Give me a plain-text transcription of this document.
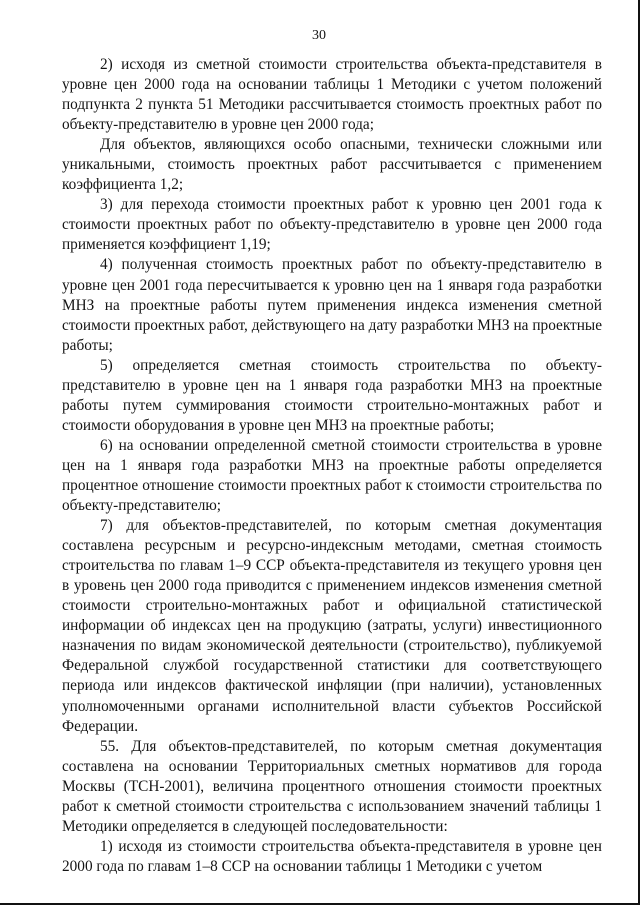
30

2) исходя из сметной стоимости строительства объекта-представителя в уровне цен 2000 года на основании таблицы 1 Методики с учетом положений подпункта 2 пункта 51 Методики рассчитывается стоимость проектных работ по объекту-представителю в уровне цен 2000 года;

Для объектов, являющихся особо опасными, технически сложными или уникальными, стоимость проектных работ рассчитывается с применением коэффициента 1,2;

3) для перехода стоимости проектных работ к уровню цен 2001 года к стоимости проектных работ по объекту-представителю в уровне цен 2000 года применяется коэффициент 1,19;

4) полученная стоимость проектных работ по объекту-представителю в уровне цен 2001 года пересчитывается к уровню цен на 1 января года разработки МНЗ на проектные работы путем применения индекса изменения сметной стоимости проектных работ, действующего на дату разработки МНЗ на проектные работы;

5) определяется сметная стоимость строительства по объекту-представителю в уровне цен на 1 января года разработки МНЗ на проектные работы путем суммирования стоимости строительно-монтажных работ и стоимости оборудования в уровне цен МНЗ на проектные работы;

6) на основании определенной сметной стоимости строительства в уровне цен на 1 января года разработки МНЗ на проектные работы определяется процентное отношение стоимости проектных работ к стоимости строительства по объекту-представителю;

7) для объектов-представителей, по которым сметная документация составлена ресурсным и ресурсно-индексным методами, сметная стоимость строительства по главам 1–9 ССР объекта-представителя из текущего уровня цен в уровень цен 2000 года приводится с применением индексов изменения сметной стоимости строительно-монтажных работ и официальной статистической информации об индексах цен на продукцию (затраты, услуги) инвестиционного назначения по видам экономической деятельности (строительство), публикуемой Федеральной службой государственной статистики для соответствующего периода или индексов фактической инфляции (при наличии), установленных уполномоченными органами исполнительной власти субъектов Российской Федерации.

55. Для объектов-представителей, по которым сметная документация составлена на основании Территориальных сметных нормативов для города Москвы (ТСН-2001), величина процентного отношения стоимости проектных работ к сметной стоимости строительства с использованием значений таблицы 1 Методики определяется в следующей последовательности:

1) исходя из стоимости строительства объекта-представителя в уровне цен 2000 года по главам 1–8 ССР на основании таблицы 1 Методики с учетом
